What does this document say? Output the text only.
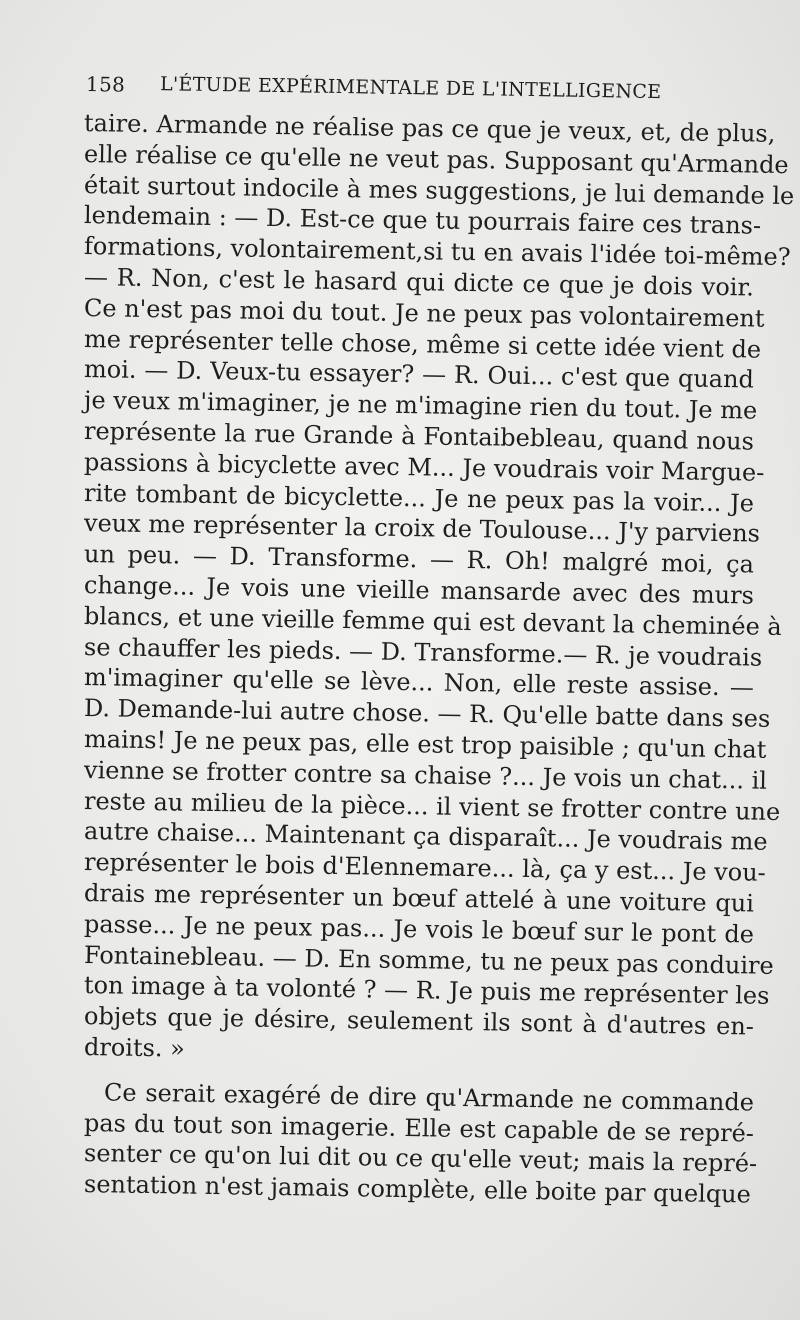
158 L'ÉTUDE EXPÉRIMENTALE DE L'INTELLIGENCE
taire. Armande ne réalise pas ce que je veux, et, de plus,
elle réalise ce qu'elle ne veut pas. Supposant qu'Armande
était surtout indocile à mes suggestions, je lui demande le
lendemain : — D. Est-ce que tu pourrais faire ces trans-
formations, volontairement,si tu en avais l'idée toi-même?
— R. Non, c'est le hasard qui dicte ce que je dois voir.
Ce n'est pas moi du tout. Je ne peux pas volontairement
me représenter telle chose, même si cette idée vient de
moi. — D. Veux-tu essayer? — R. Oui... c'est que quand
je veux m'imaginer, je ne m'imagine rien du tout. Je me
représente la rue Grande à Fontaibebleau, quand nous
passions à bicyclette avec M... Je voudrais voir Margue-
rite tombant de bicyclette... Je ne peux pas la voir... Je
veux me représenter la croix de Toulouse... J'y parviens
un peu. — D. Transforme. — R. Oh! malgré moi, ça
change... Je vois une vieille mansarde avec des murs
blancs, et une vieille femme qui est devant la cheminée à
se chauffer les pieds. — D. Transforme.— R. je voudrais
m'imaginer qu'elle se lève... Non, elle reste assise. —
D. Demande-lui autre chose. — R. Qu'elle batte dans ses
mains! Je ne peux pas, elle est trop paisible ; qu'un chat
vienne se frotter contre sa chaise ?... Je vois un chat... il
reste au milieu de la pièce... il vient se frotter contre une
autre chaise... Maintenant ça disparaît... Je voudrais me
représenter le bois d'Elennemare... là, ça y est... Je vou-
drais me représenter un bœuf attelé à une voiture qui
passe... Je ne peux pas... Je vois le bœuf sur le pont de
Fontainebleau. — D. En somme, tu ne peux pas conduire
ton image à ta volonté ? — R. Je puis me représenter les
objets que je désire, seulement ils sont à d'autres en-
droits. »
Ce serait exagéré de dire qu'Armande ne commande
pas du tout son imagerie. Elle est capable de se repré-
senter ce qu'on lui dit ou ce qu'elle veut; mais la repré-
sentation n'est jamais complète, elle boite par quelque
